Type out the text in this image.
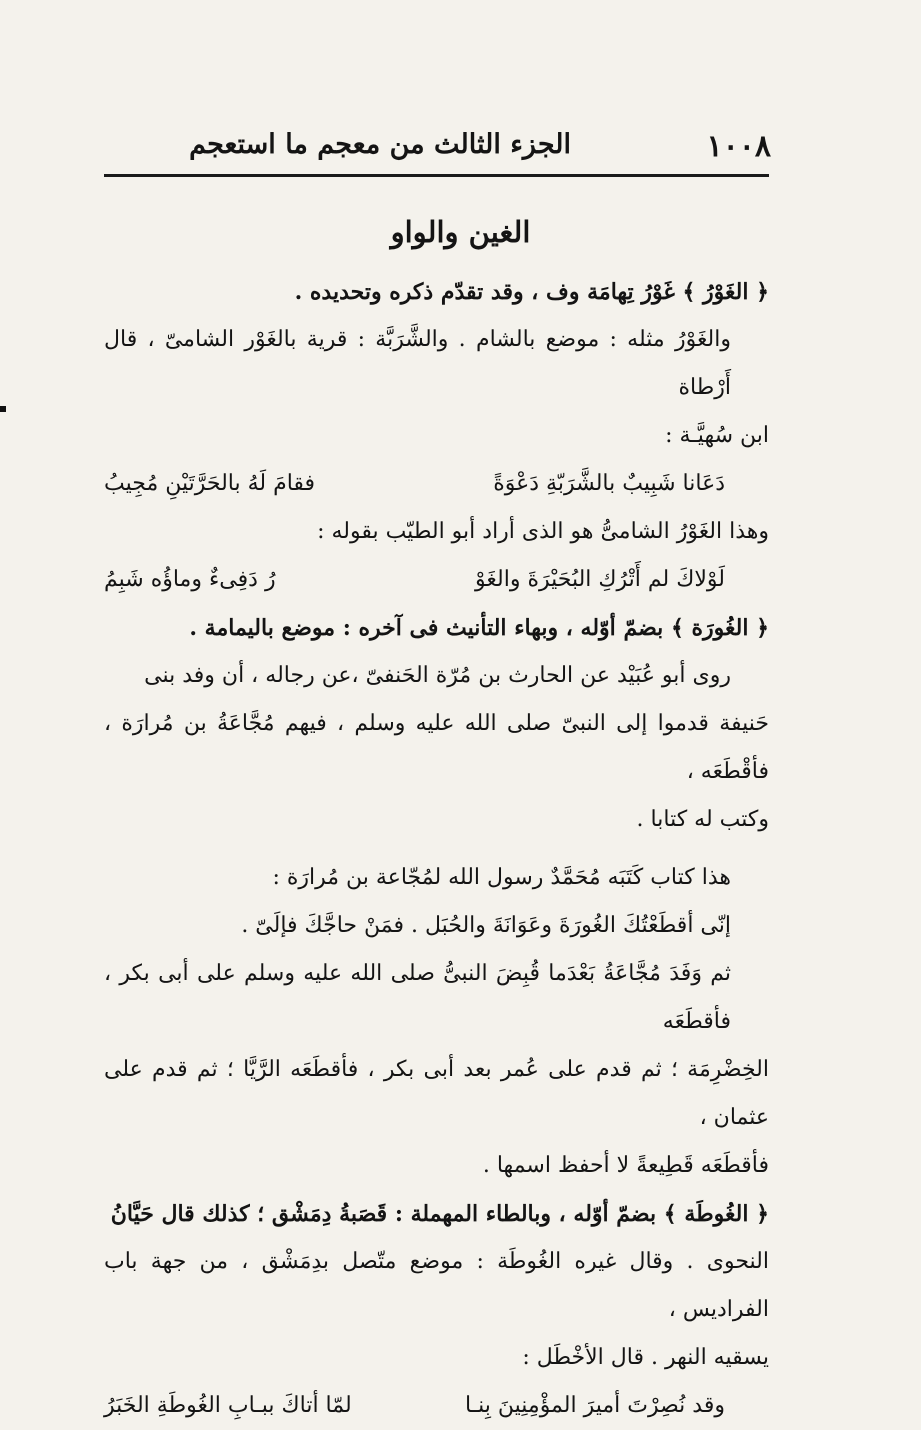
١٠٠٨
الجزء الثالث من معجم ما استعجم
الغين والواو

﴿ الغَوْرُ ﴾ غَوْرُ تِهامَة وف ، وقد تقدّم ذكره وتحديده .

والغَوْرُ مثله : موضع بالشام . والشَّرَبَّة : قرية بالغَوْر الشامىّ ، قال أَرْطاة

ابن سُهيَّـة :

دَعَانا شَبِيبٌ بالشَّرَبّةِ دَعْوَةً
فقامَ لَهُ بالحَرَّتَيْنِ مُجِيبُ

وهذا الغَوْرُ الشامىُّ هو الذى أراد أبو الطيّب بقوله :

لَوْلاكَ لم أَتْرُكِ البُحَيْرَةَ والغَوْ
رُ دَفِىءٌ وماؤُه شَبِمُ

﴿ الغُورَة ﴾ بضمّ أوّله ، وبهاء التأنيث فى آخره : موضع باليمامة .

روى أبو عُبَيْد عن الحارث بن مُرّة الحَنفىّ ،عن رجاله ، أن وفد بنى

حَنيفة قدموا إلى النبىّ صلى الله عليه وسلم ، فيهم مُجَّاعَةُ بن مُرارَة ، فأقْطَعَه ،

وكتب له كتابا .

هذا كتاب كَتَبَه مُحَمَّدٌ رسول الله لمُجّاعة بن مُرارَة :

إنّى أقطَعْتُكَ الغُورَةَ وعَوَانَةَ والحُبَل . فمَنْ حاجَّكَ فإلَىّ .

ثم وَفَدَ مُجَّاعَةُ بَعْدَما قُبِضَ النبىُّ صلى الله عليه وسلم على أبى بكر ، فأقطَعَه

الخِضْرِمَة ؛ ثم قدم على عُمر بعد أبى بكر ، فأقطَعَه الرَّيَّا ؛ ثم قدم على عثمان ،

فأقطَعَه قَطِيعةً لا أحفظ اسمها .

﴿ الغُوطَة ﴾ بضمّ أوّله ، وبالطاء المهملة : قَصَبةُ دِمَشْق ؛ كذلك قال حَيَّانُ

النحوى . وقال غيره الغُوطَة : موضع متّصل بدِمَشْق ، من جهة باب الفراديس ،

يسقيه النهر . قال الأخْطَل :

وقد نُصِرْتَ أميرَ المؤْمِنِينَ بِنـا
لمّا أتاكَ ببـابِ الغُوطَةِ الخَبَرُ
